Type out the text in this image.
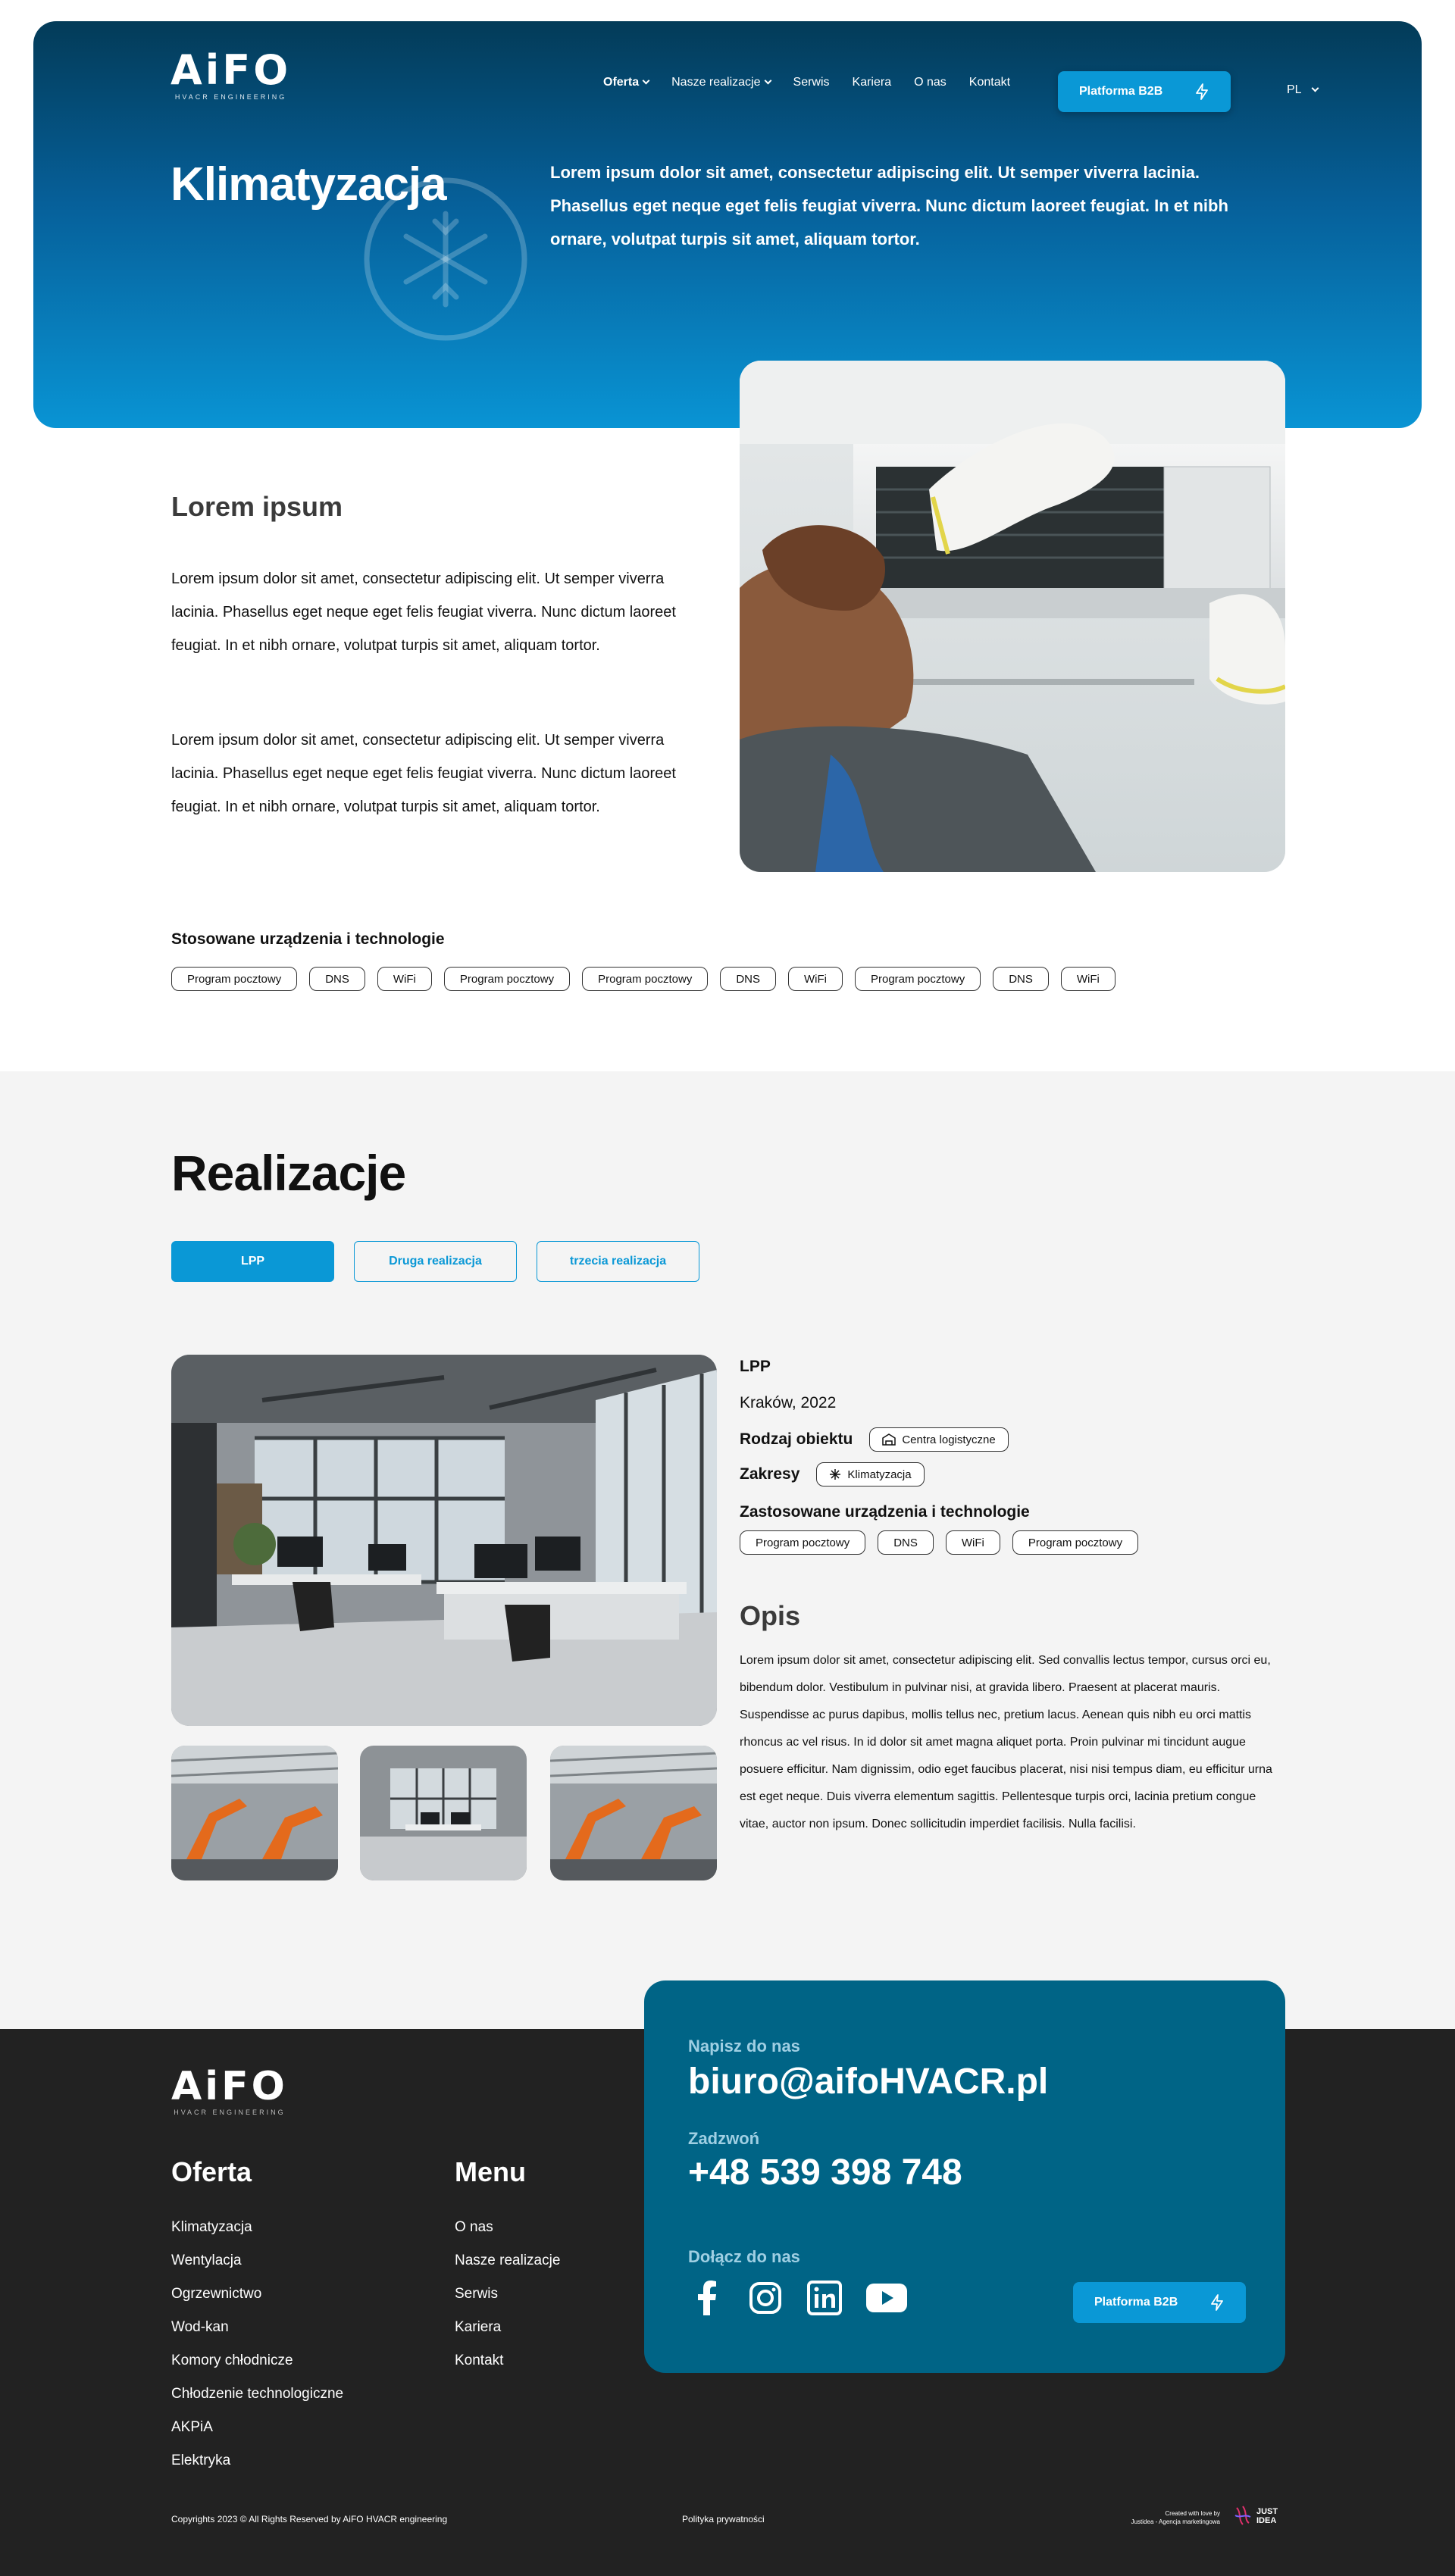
AiFO
HVACR ENGINEERING
Oferta	Nasze realizacje	Serwis Kariera O nas Kontakt
Platforma B2B	PL
Klimatyzacja	Lorem ipsum dolor sit amet, consectetur adipiscing elit. Ut semper viverra lacinia. Phasellus eget neque eget felis feugiat viverra. Nunc dictum laoreet feugiat. In et nibh ornare, volutpat turpis sit amet, aliquam tortor.

Lorem ipsum

Lorem ipsum dolor sit amet, consectetur adipiscing elit. Ut semper viverra lacinia. Phasellus eget neque eget felis feugiat viverra. Nunc dictum laoreet feugiat. In et nibh ornare, volutpat turpis sit amet, aliquam tortor.

Lorem ipsum dolor sit amet, consectetur adipiscing elit. Ut semper viverra lacinia. Phasellus eget neque eget felis feugiat viverra. Nunc dictum laoreet feugiat. In et nibh ornare, volutpat turpis sit amet, aliquam tortor.

Stosowane urządzenia i technologie
Program pocztowy	DNS	WiFi	Program pocztowy	Program pocztowy	DNS	WiFi	Program pocztowy	DNS	WiFi
Realizacje
LPP	Druga realizacja	trzecia realizacja
LPP
Kraków, 2022
Rodzaj obiektu	Centra logistyczne
Zakresy	Klimatyzacja
Zastosowane urządzenia i technologie
Program pocztowy	DNS	WiFi	Program pocztowy
Opis

Lorem ipsum dolor sit amet, consectetur adipiscing elit. Sed convallis lectus tempor, cursus orci eu, bibendum dolor. Vestibulum in pulvinar nisi, at gravida libero. Praesent at placerat mauris. Suspendisse ac purus dapibus, mollis tellus nec, pretium lacus. Aenean quis nibh eu orci mattis rhoncus ac vel risus. In id dolor sit amet magna aliquet porta. Proin pulvinar mi tincidunt augue posuere efficitur. Nam dignissim, odio eget faucibus placerat, nisi nisi tempus diam, eu efficitur urna est eget neque. Duis viverra elementum sagittis. Pellentesque turpis orci, lacinia pretium congue vitae, auctor non ipsum. Donec sollicitudin imperdiet facilisis. Nulla facilisi.

AiFO
HVACR ENGINEERING
Oferta
Klimatyzacja
Wentylacja
Ogrzewnictwo
Wod-kan
Komory chłodnicze
Chłodzenie technologiczne
AKPiA
Elektryka
Menu
O nas
Nasze realizacje
Serwis
Kariera
Kontakt
Napisz do nas
biuro@aifoHVACR.pl
Zadzwoń
+48 539 398 748
Dołącz do nas
Platforma B2B
Copyrights 2023 © All Rights Reserved by AiFO HVACR engineering	Polityka prywatności
Created with love by
Justidea - Agencja marketingowa
JUST IDEA
